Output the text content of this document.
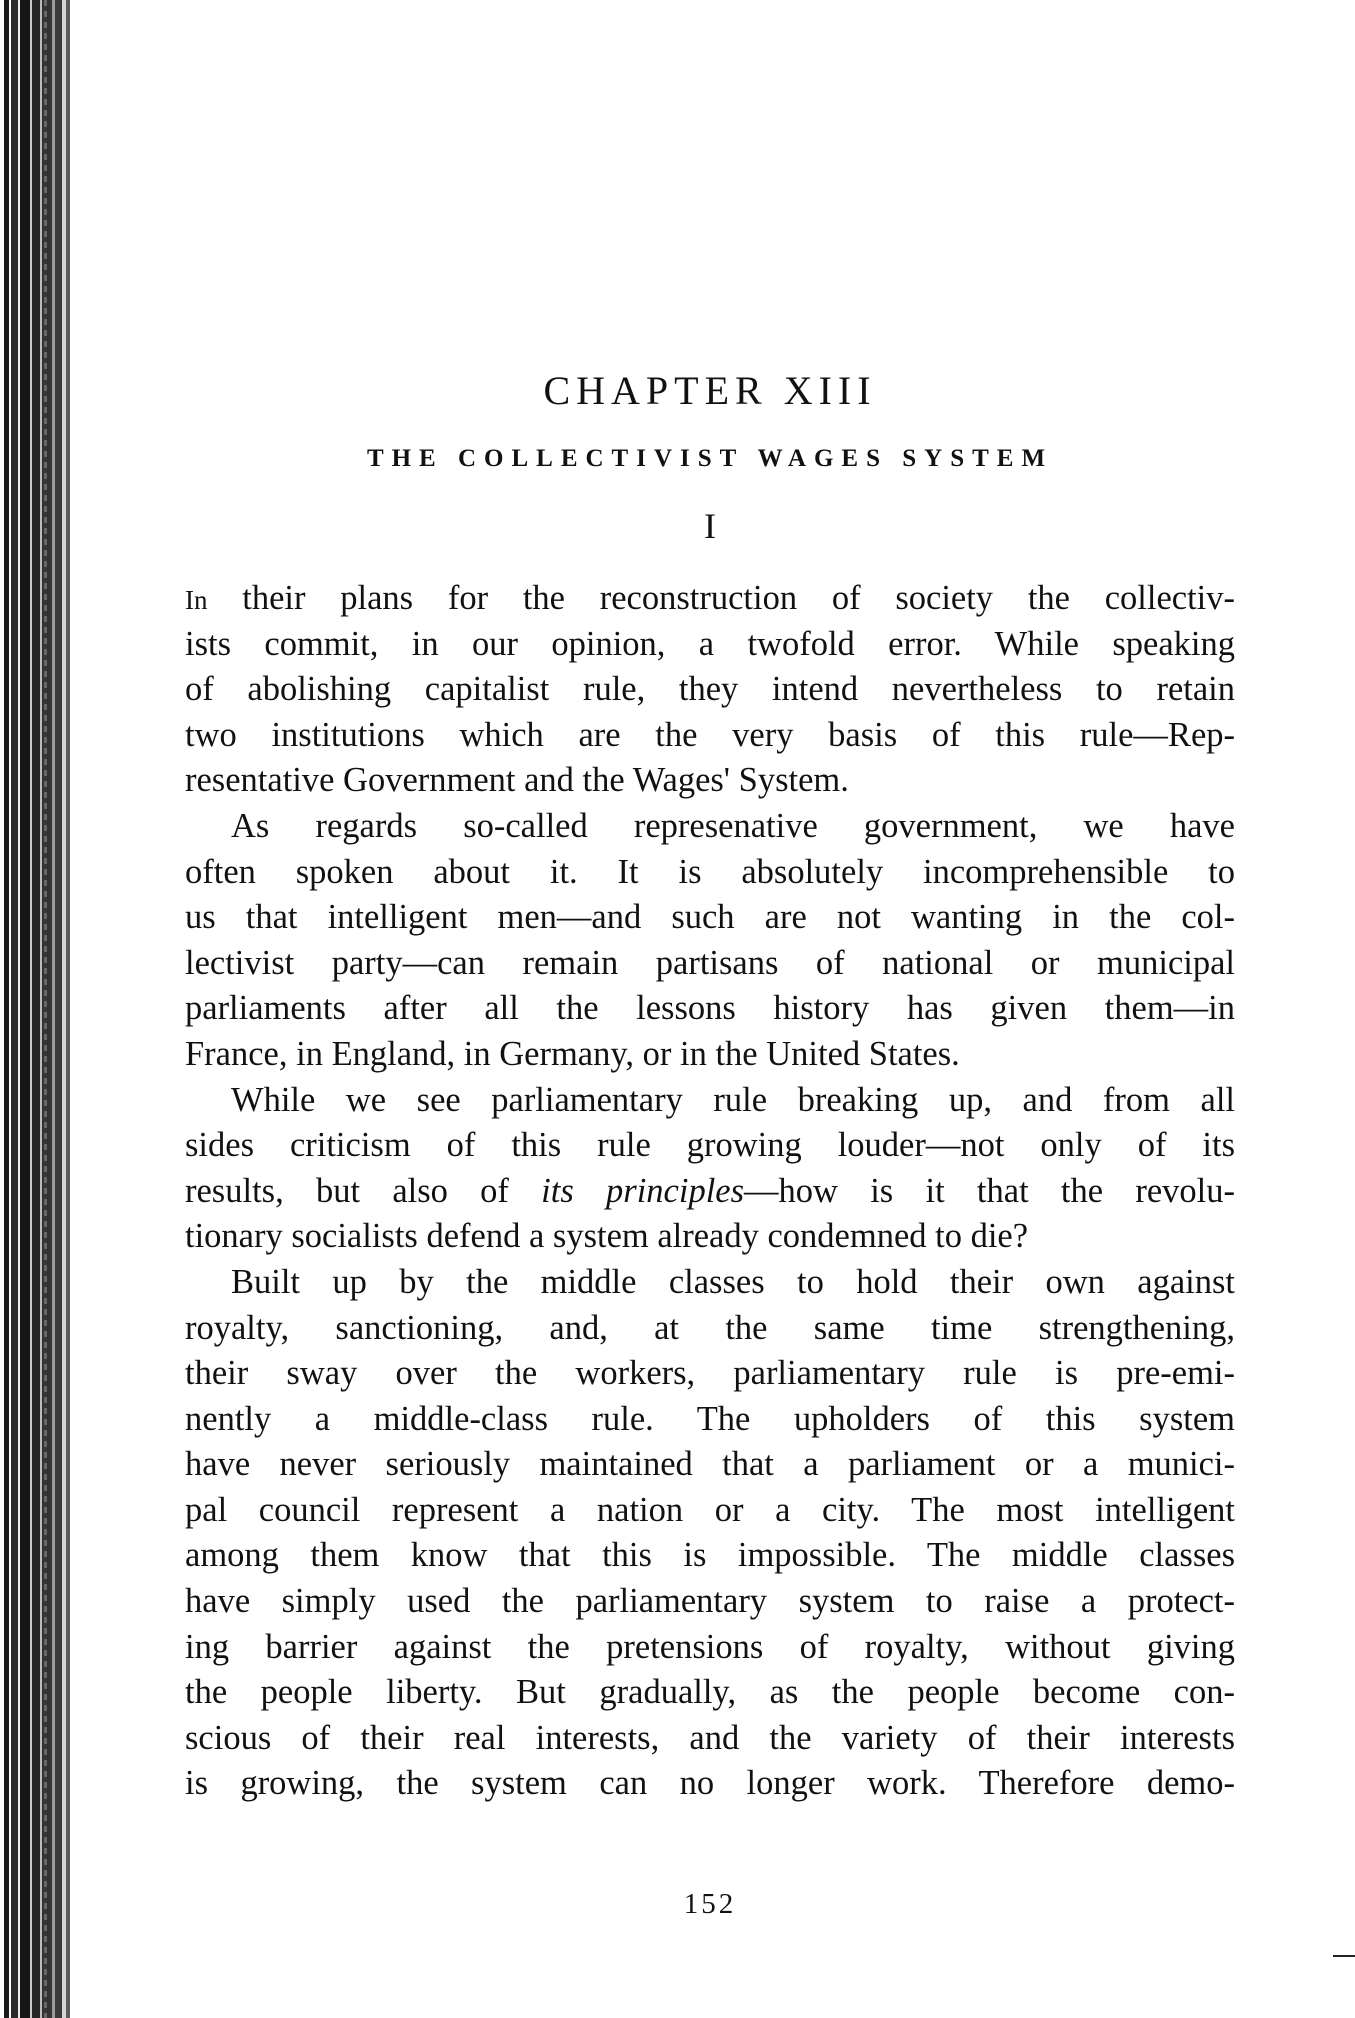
CHAPTER XIII
THE COLLECTIVIST WAGES SYSTEM
I
In their plans for the reconstruction of society the collectiv-
ists commit, in our opinion, a twofold error. While speaking
of abolishing capitalist rule, they intend nevertheless to retain
two institutions which are the very basis of this rule—Rep-
resentative Government and the Wages' System.
As regards so-called represenative government, we have
often spoken about it. It is absolutely incomprehensible to
us that intelligent men—and such are not wanting in the col-
lectivist party—can remain partisans of national or municipal
parliaments after all the lessons history has given them—in
France, in England, in Germany, or in the United States.
While we see parliamentary rule breaking up, and from all
sides criticism of this rule growing louder—not only of its
results, but also of its principles—how is it that the revolu-
tionary socialists defend a system already condemned to die?
Built up by the middle classes to hold their own against
royalty, sanctioning, and, at the same time strengthening,
their sway over the workers, parliamentary rule is pre-emi-
nently a middle-class rule. The upholders of this system
have never seriously maintained that a parliament or a munici-
pal council represent a nation or a city. The most intelligent
among them know that this is impossible. The middle classes
have simply used the parliamentary system to raise a protect-
ing barrier against the pretensions of royalty, without giving
the people liberty. But gradually, as the people become con-
scious of their real interests, and the variety of their interests
is growing, the system can no longer work. Therefore demo-
152
